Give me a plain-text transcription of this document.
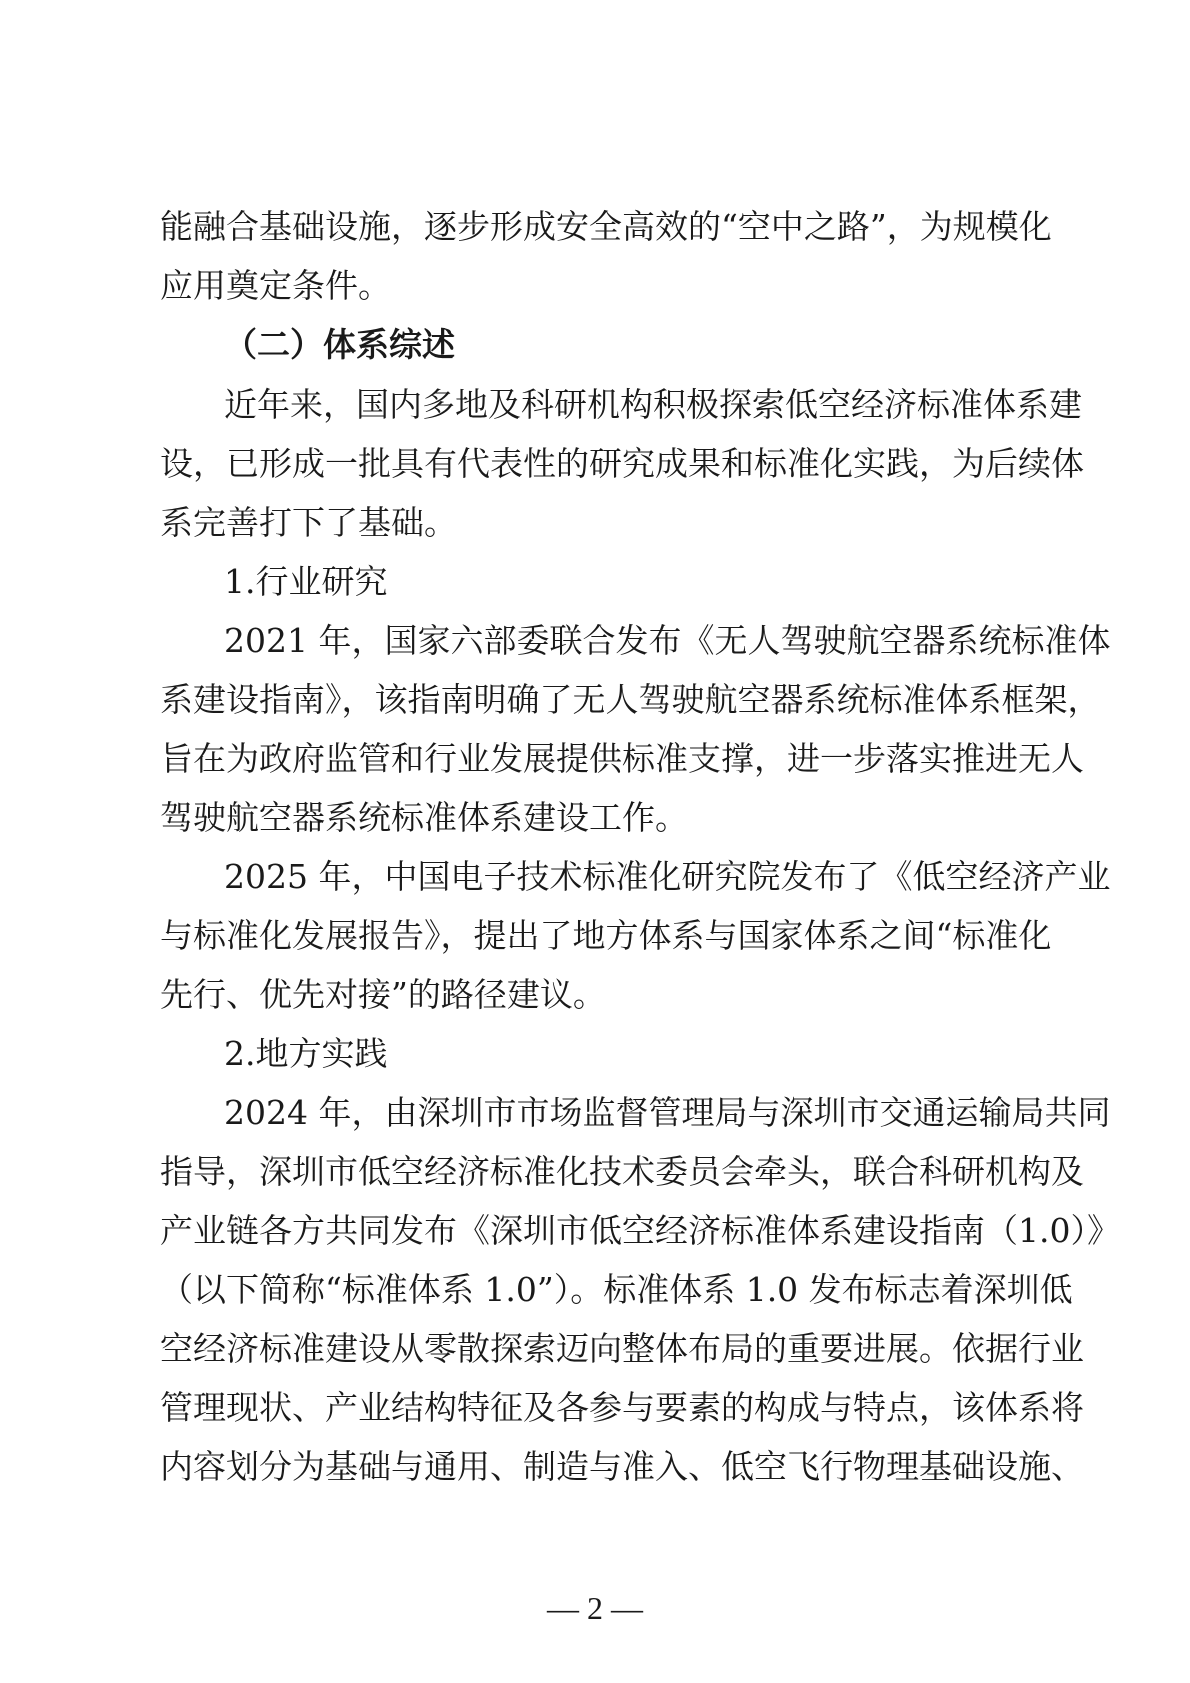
能融合基础设施，逐步形成安全高效的“空中之路”，为规模化
应用奠定条件。
（二）体系综述
近年来，国内多地及科研机构积极探索低空经济标准体系建
设，已形成一批具有代表性的研究成果和标准化实践，为后续体
系完善打下了基础。
1.行业研究
2021 年，国家六部委联合发布《无人驾驶航空器系统标准体
系建设指南》，该指南明确了无人驾驶航空器系统标准体系框架，
旨在为政府监管和行业发展提供标准支撑，进一步落实推进无人
驾驶航空器系统标准体系建设工作。
2025 年，中国电子技术标准化研究院发布了《低空经济产业
与标准化发展报告》，提出了地方体系与国家体系之间“标准化
先行、优先对接”的路径建议。
2.地方实践
2024 年，由深圳市市场监督管理局与深圳市交通运输局共同
指导，深圳市低空经济标准化技术委员会牵头，联合科研机构及
产业链各方共同发布《深圳市低空经济标准体系建设指南（1.0）》
（以下简称“标准体系 1.0”）。标准体系 1.0 发布标志着深圳低
空经济标准建设从零散探索迈向整体布局的重要进展。依据行业
管理现状、产业结构特征及各参与要素的构成与特点，该体系将
内容划分为基础与通用、制造与准入、低空飞行物理基础设施、
— 2 —
